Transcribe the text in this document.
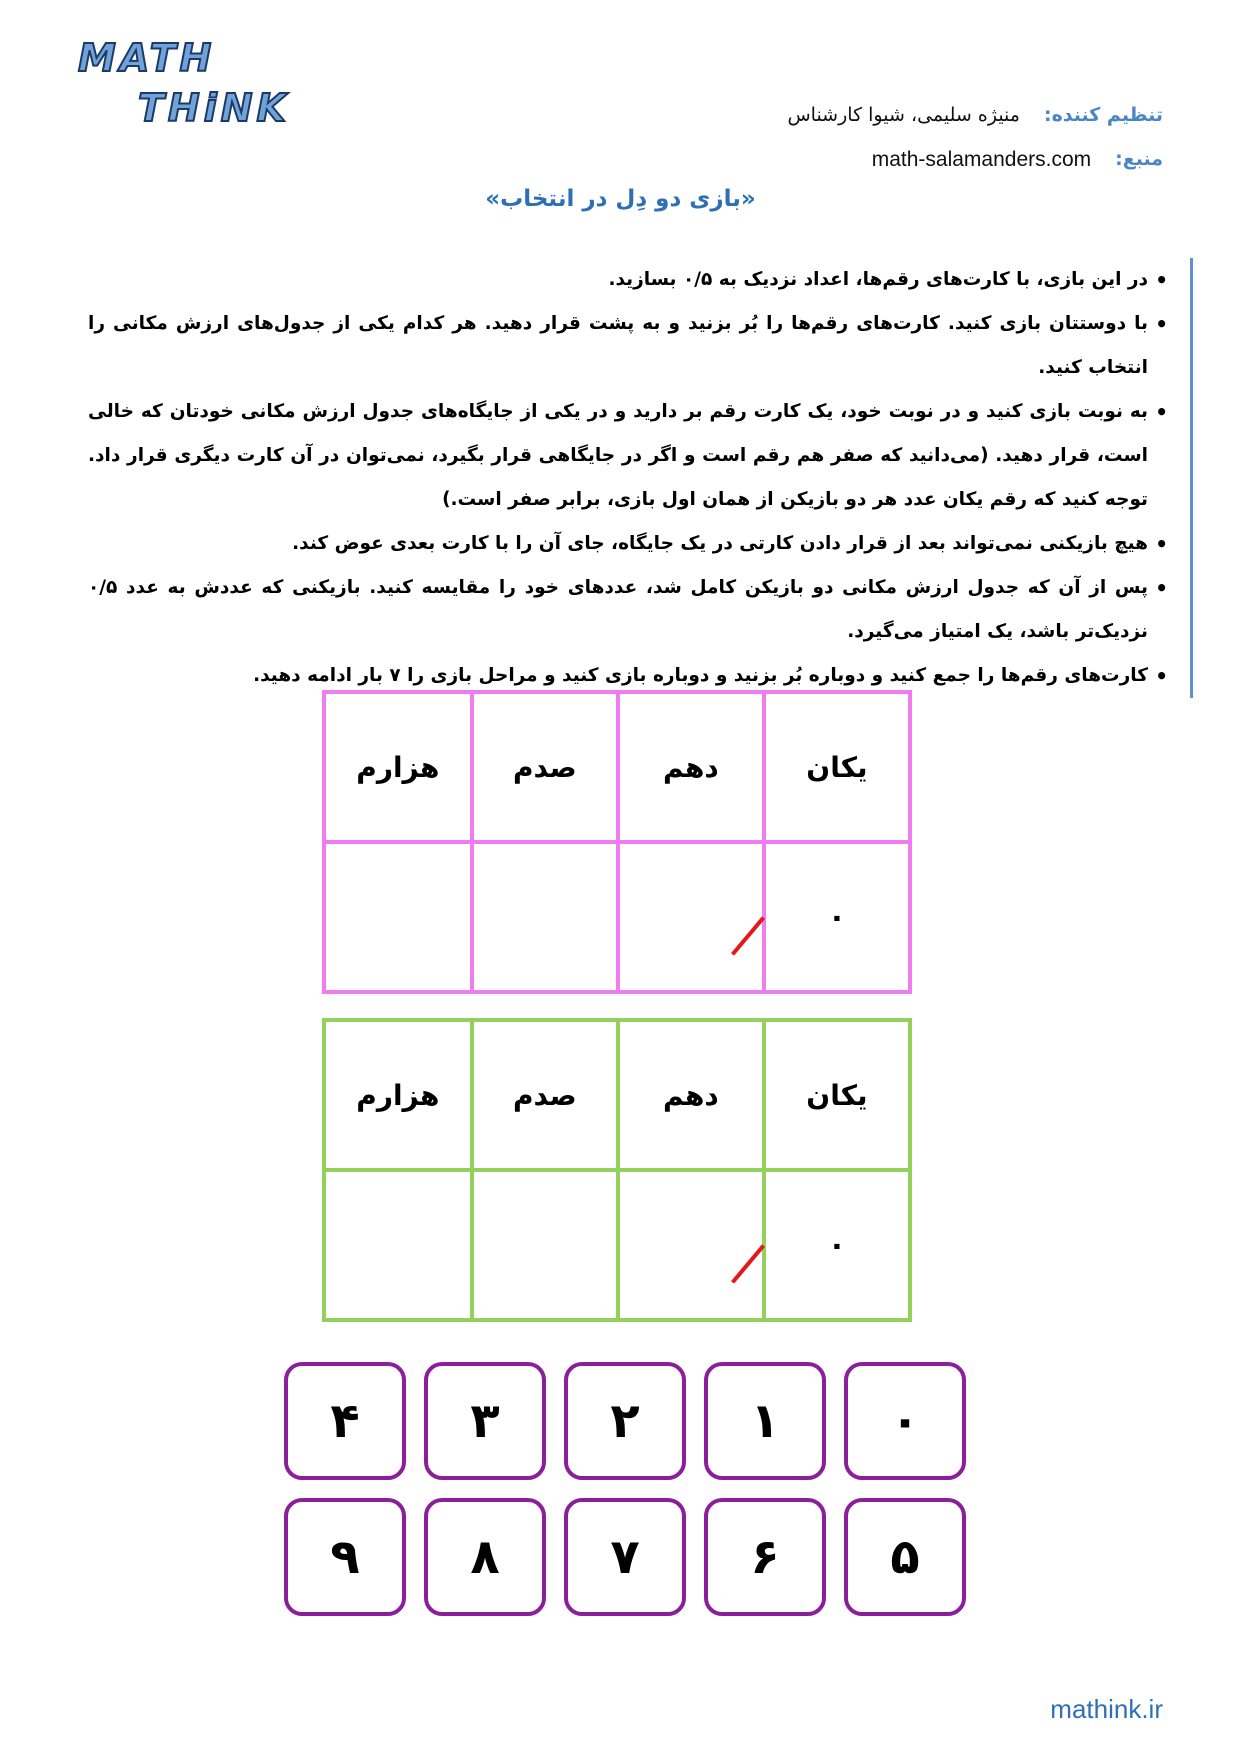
MATH
THiNK	تنظیم کننده:
منیژه سلیمی، شیوا کارشناس
منبع:
math-salamanders.com
«بازی دو دِل در انتخاب»
• در این بازی، با کارت‌های رقم‌ها، اعداد نزدیک به ۰/۵ بسازید.
• با دوستتان بازی کنید. کارت‌های رقم‌ها را بُر بزنید و به پشت قرار دهید. هر کدام یکی از جدول‌های ارزش مکانی را انتخاب کنید.
• به نوبت بازی کنید و در نوبت خود، یک کارت رقم بر دارید و در یکی از جایگاه‌های جدول ارزش مکانی خودتان که خالی است، قرار دهید. (می‌دانید که صفر هم رقم است و اگر در جایگاهی قرار بگیرد، نمی‌توان در آن کارت دیگری قرار داد. توجه کنید که رقم یکان عدد هر دو بازیکن از همان اول بازی، برابر صفر است.)
• هیچ بازیکنی نمی‌تواند بعد از قرار دادن کارتی در یک جایگاه، جای آن را با کارت بعدی عوض کند.
• پس از آن که جدول ارزش مکانی دو بازیکن کامل شد، عددهای خود را مقایسه کنید. بازیکنی که عددش به عدد ۰/۵ نزدیک‌تر باشد، یک امتیاز می‌گیرد.
• کارت‌های رقم‌ها را جمع کنید و دوباره بُر بزنید و دوباره بازی کنید و مراحل بازی را ۷ بار ادامه دهید.
یکان	دهم	صدم	هزارم
۰

یکان	دهم	صدم	هزارم
۰

۰
۱
۲
۳
۴
۵
۶
۷
۸
۹
mathink.ir
